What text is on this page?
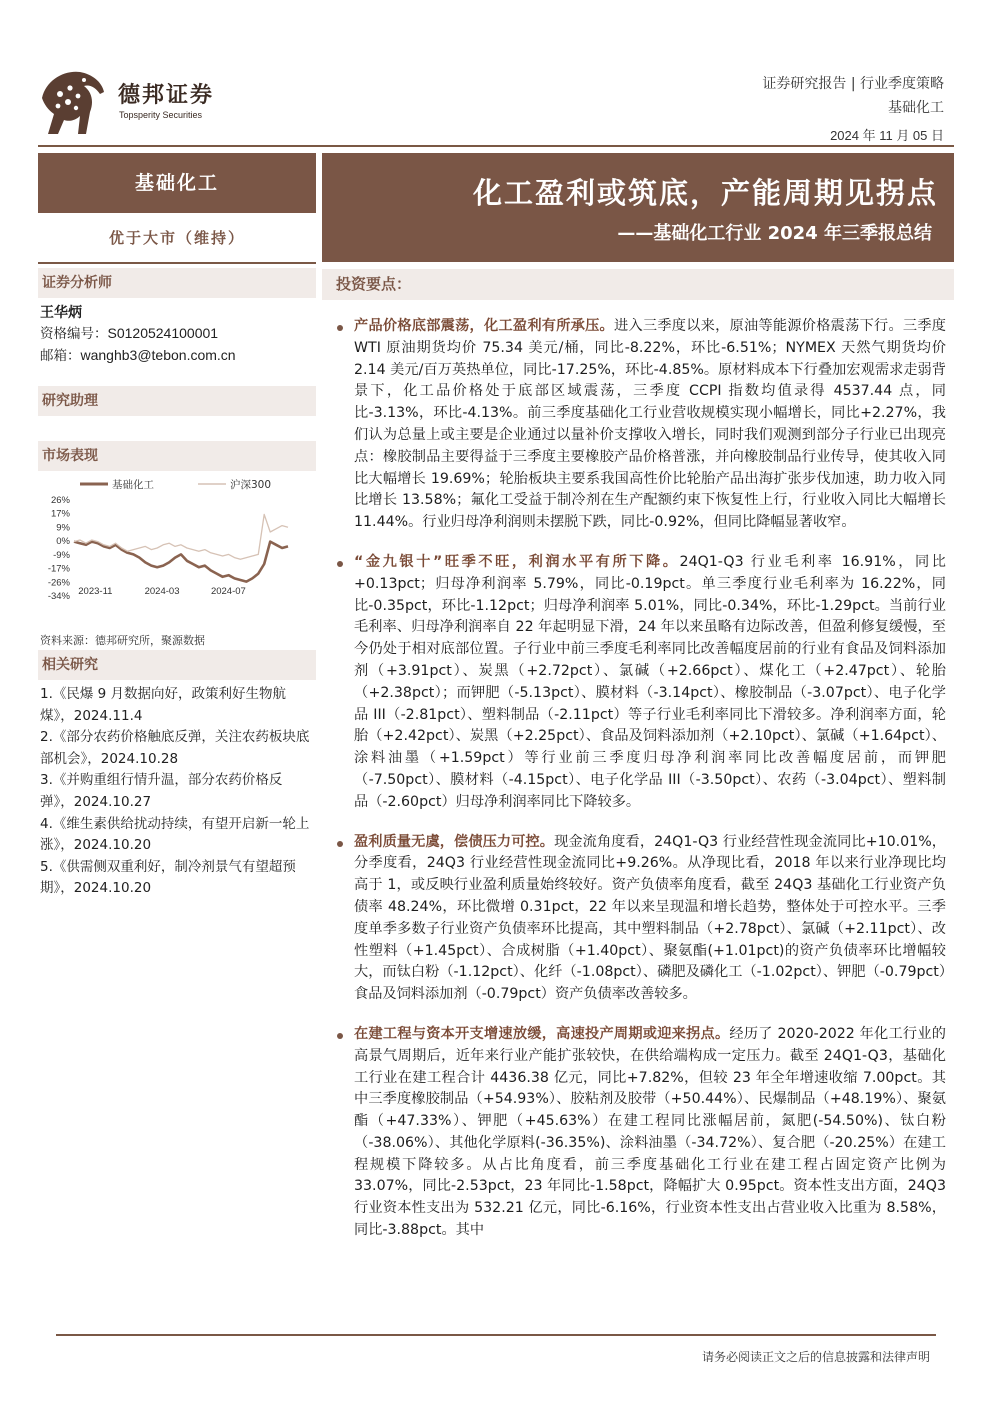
德邦证券
Topsperity Securities
证券研究报告 | 行业季度策略
基础化工
2024 年 11 月 05 日
基础化工
优于大市（维持）
证券分析师
王华炳
资格编号：S0120524100001
邮箱：wanghb3@tebon.com.cn
研究助理
市场表现
基础化工	沪深300
26%
17%
9%
0%
-9%
-17%
-26%
-34% 2023-11	2024-03	2024-07
资料来源：德邦研究所，聚源数据
相关研究
1.《民爆 9 月数据向好，政策利好生物航煤》，2024.11.4
2.《部分农药价格触底反弹，关注农药板块底部机会》，2024.10.28
3.《并购重组行情升温，部分农药价格反弹》，2024.10.27
4.《维生素供给扰动持续，有望开启新一轮上涨》，2024.10.20
5.《供需侧双重利好，制冷剂景气有望超预期》，2024.10.20
化工盈利或筑底，产能周期见拐点
——基础化工行业 2024 年三季报总结
投资要点：
产品价格底部震荡，化工盈利有所承压。进入三季度以来，原油等能源价格震荡下行。三季度 WTI 原油期货均价 75.34 美元/桶，同比-8.22%，环比-6.51%；NYMEX 天然气期货均价 2.14 美元/百万英热单位，同比-17.25%，环比-4.85%。原材料成本下行叠加宏观需求走弱背景下，化工品价格处于底部区域震荡，三季度 CCPI 指数均值录得 4537.44 点，同比-3.13%，环比-4.13%。前三季度基础化工行业营收规模实现小幅增长，同比+2.27%，我们认为总量上或主要是企业通过以量补价支撑收入增长，同时我们观测到部分子行业已出现亮点：橡胶制品主要得益于三季度主要橡胶产品价格普涨，并向橡胶制品行业传导，使其收入同比大幅增长 19.69%；轮胎板块主要系我国高性价比轮胎产品出海扩张步伐加速，助力收入同比增长 13.58%；氟化工受益于制冷剂在生产配额约束下恢复性上行，行业收入同比大幅增长 11.44%。行业归母净利润则未摆脱下跌，同比-0.92%，但同比降幅显著收窄。
“金九银十”旺季不旺，利润水平有所下降。24Q1-Q3 行业毛利率 16.91%，同比+0.13pct；归母净利润率 5.79%，同比-0.19pct。单三季度行业毛利率为 16.22%，同比-0.35pct，环比-1.12pct；归母净利润率 5.01%，同比-0.34%，环比-1.29pct。当前行业毛利率、归母净利润率自 22 年起明显下滑，24 年以来虽略有边际改善，但盈利修复缓慢，至今仍处于相对底部位置。子行业中前三季度毛利率同比改善幅度居前的行业有食品及饲料添加剂（+3.91pct）、炭黑（+2.72pct）、氯碱（+2.66pct）、煤化工（+2.47pct）、轮胎（+2.38pct）；而钾肥（-5.13pct）、膜材料（-3.14pct）、橡胶制品（-3.07pct）、电子化学品 III（-2.81pct）、塑料制品（-2.11pct）等子行业毛利率同比下滑较多。净利润率方面，轮胎（+2.42pct）、炭黑（+2.25pct）、食品及饲料添加剂（+2.10pct）、氯碱（+1.64pct）、涂料油墨（+1.59pct）等行业前三季度归母净利润率同比改善幅度居前，而钾肥（-7.50pct）、膜材料（-4.15pct）、电子化学品 III（-3.50pct）、农药（-3.04pct）、塑料制品（-2.60pct）归母净利润率同比下降较多。
盈利质量无虞，偿债压力可控。现金流角度看，24Q1-Q3 行业经营性现金流同比+10.01%，分季度看，24Q3 行业经营性现金流同比+9.26%。从净现比看，2018 年以来行业净现比均高于 1，或反映行业盈利质量始终较好。资产负债率角度看，截至 24Q3 基础化工行业资产负债率 48.24%，环比微增 0.31pct，22 年以来呈现温和增长趋势，整体处于可控水平。三季度单季多数子行业资产负债率环比提高，其中塑料制品（+2.78pct）、氯碱（+2.11pct）、改性塑料（+1.45pct）、合成树脂（+1.40pct）、聚氨酯(+1.01pct)的资产负债率环比增幅较大，而钛白粉（-1.12pct）、化纤（-1.08pct）、磷肥及磷化工（-1.02pct）、钾肥（-0.79pct）食品及饲料添加剂（-0.79pct）资产负债率改善较多。
在建工程与资本开支增速放缓，高速投产周期或迎来拐点。经历了 2020-2022 年化工行业的高景气周期后，近年来行业产能扩张较快，在供给端构成一定压力。截至 24Q1-Q3，基础化工行业在建工程合计 4436.38 亿元，同比+7.82%，但较 23 年全年增速收缩 7.00pct。其中三季度橡胶制品（+54.93%）、胶粘剂及胶带（+50.44%）、民爆制品（+48.19%）、聚氨酯（+47.33%）、钾肥（+45.63%）在建工程同比涨幅居前，氮肥(-54.50%)、钛白粉（-38.06%）、其他化学原料(-36.35%)、涂料油墨（-34.72%）、复合肥（-20.25%）在建工程规模下降较多。从占比角度看，前三季度基础化工行业在建工程占固定资产比例为 33.07%，同比-2.53pct，23 年同比-1.58pct，降幅扩大 0.95pct。资本性支出方面，24Q3 行业资本性支出为 532.21 亿元，同比-6.16%，行业资本性支出占营业收入比重为 8.58%，同比-3.88pct。其中
请务必阅读正文之后的信息披露和法律声明
